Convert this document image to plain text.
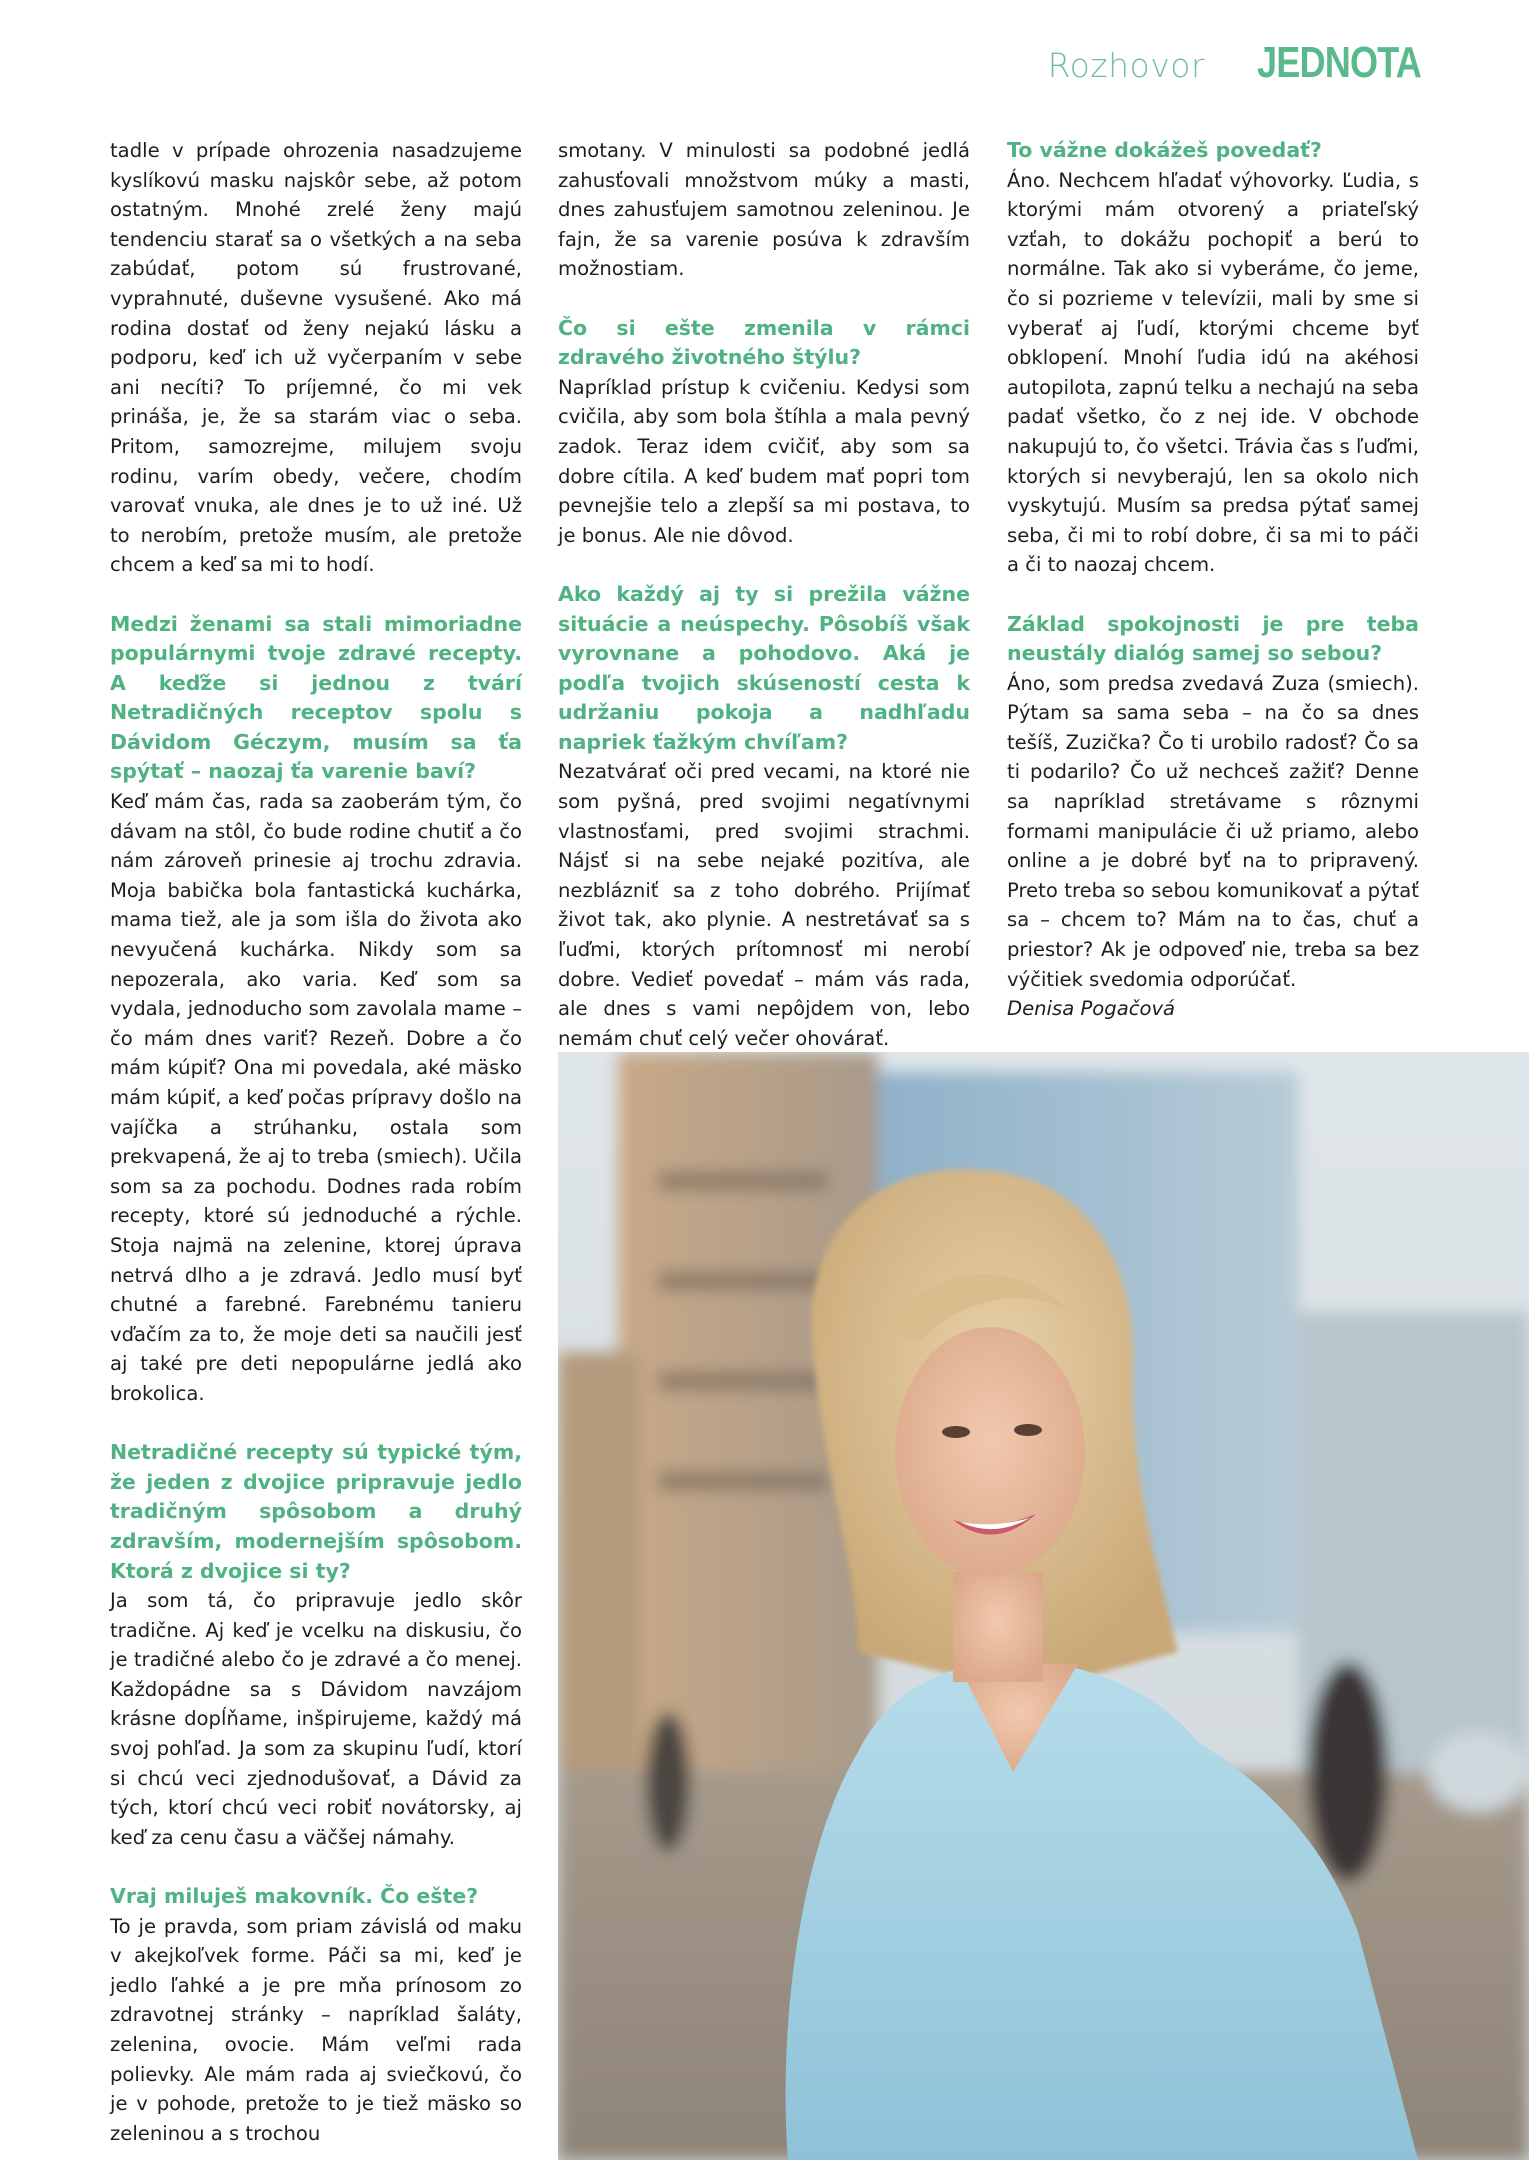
Rozhovor JEDNOTA

tadle v prípade ohrozenia nasadzujeme kyslíkovú masku najskôr sebe, až potom ostatným. Mnohé zrelé ženy majú tendenciu starať sa o všetkých a na seba zabúdať, potom sú frustrované, vyprahnuté, duševne vysušené. Ako má rodina dostať od ženy nejakú lásku a podporu, keď ich už vyčerpaním v sebe ani necíti? To príjemné, čo mi vek prináša, je, že sa starám viac o seba. Pritom, samozrejme, milujem svoju rodinu, varím obedy, večere, chodím varovať vnuka, ale dnes je to už iné. Už to nerobím, pretože musím, ale pretože chcem a keď sa mi to hodí.

Medzi ženami sa stali mimoriadne populárnymi tvoje zdravé recepty. A keďže si jednou z tvárí Netradičných receptov spolu s Dávidom Géczym, musím sa ťa spýtať – naozaj ťa varenie baví?

Keď mám čas, rada sa zaoberám tým, čo dávam na stôl, čo bude rodine chutiť a čo nám zároveň prinesie aj trochu zdravia. Moja babička bola fantastická kuchárka, mama tiež, ale ja som išla do života ako nevyučená kuchárka. Nikdy som sa nepozerala, ako varia. Keď som sa vydala, jednoducho som zavolala mame – čo mám dnes variť? Rezeň. Dobre a čo mám kúpiť? Ona mi povedala, aké mäsko mám kúpiť, a keď počas prípravy došlo na vajíčka a strúhanku, ostala som prekvapená, že aj to treba (smiech). Učila som sa za pochodu. Dodnes rada robím recepty, ktoré sú jednoduché a rýchle. Stoja najmä na zelenine, ktorej úprava netrvá dlho a je zdravá. Jedlo musí byť chutné a farebné. Farebnému tanieru vďačím za to, že moje deti sa naučili jesť aj také pre deti nepopulárne jedlá ako brokolica.

Netradičné recepty sú typické tým, že jeden z dvojice pripravuje jedlo tradičným spôsobom a druhý zdravším, modernejším spôsobom. Ktorá z dvojice si ty?

Ja som tá, čo pripravuje jedlo skôr tradične. Aj keď je vcelku na diskusiu, čo je tradičné alebo čo je zdravé a čo menej. Každopádne sa s Dávidom navzájom krásne dopĺňame, inšpirujeme, každý má svoj pohľad. Ja som za skupinu ľudí, ktorí si chcú veci zjednodušovať, a Dávid za tých, ktorí chcú veci robiť novátorsky, aj keď za cenu času a väčšej námahy.

Vraj miluješ makovník. Čo ešte?

To je pravda, som priam závislá od maku v akejkoľvek forme. Páči sa mi, keď je jedlo ľahké a je pre mňa prínosom zo zdravotnej stránky – napríklad šaláty, zelenina, ovocie. Mám veľmi rada polievky. Ale mám rada aj sviečkovú, čo je v pohode, pretože to je tiež mäsko so zeleninou a s trochou

smotany. V minulosti sa podobné jedlá zahusťovali množstvom múky a masti, dnes zahusťujem samotnou zeleninou. Je fajn, že sa varenie posúva k zdravším možnostiam.

Čo si ešte zmenila v rámci zdravého životného štýlu?

Napríklad prístup k cvičeniu. Kedysi som cvičila, aby som bola štíhla a mala pevný zadok. Teraz idem cvičiť, aby som sa dobre cítila. A keď budem mať popri tom pevnejšie telo a zlepší sa mi postava, to je bonus. Ale nie dôvod.

Ako každý aj ty si prežila vážne situácie a neúspechy. Pôsobíš však vyrovnane a pohodovo. Aká je podľa tvojich skúseností cesta k udržaniu pokoja a nadhľadu napriek ťažkým chvíľam?

Nezatvárať oči pred vecami, na ktoré nie som pyšná, pred svojimi negatívnymi vlastnosťami, pred svojimi strachmi. Nájsť si na sebe nejaké pozitíva, ale nezblázniť sa z toho dobrého. Prijímať život tak, ako plynie. A nestretávať sa s ľuďmi, ktorých prítomnosť mi nerobí dobre. Vedieť povedať – mám vás rada, ale dnes s vami nepôjdem von, lebo nemám chuť celý večer ohovárať.

To vážne dokážeš povedať?

Áno. Nechcem hľadať výhovorky. Ľudia, s ktorými mám otvorený a priateľský vzťah, to dokážu pochopiť a berú to normálne. Tak ako si vyberáme, čo jeme, čo si pozrieme v televízii, mali by sme si vyberať aj ľudí, ktorými chceme byť obklopení. Mnohí ľudia idú na akéhosi autopilota, zapnú telku a nechajú na seba padať všetko, čo z nej ide. V obchode nakupujú to, čo všetci. Trávia čas s ľuďmi, ktorých si nevyberajú, len sa okolo nich vyskytujú. Musím sa predsa pýtať samej seba, či mi to robí dobre, či sa mi to páči a či to naozaj chcem.

Základ spokojnosti je pre teba neustály dialóg samej so sebou?

Áno, som predsa zvedavá Zuza (smiech). Pýtam sa sama seba – na čo sa dnes tešíš, Zuzička? Čo ti urobilo radosť? Čo sa ti podarilo? Čo už nechceš zažiť? Denne sa napríklad stretávame s rôznymi formami manipulácie či už priamo, alebo online a je dobré byť na to pripravený. Preto treba so sebou komunikovať a pýtať sa – chcem to? Mám na to čas, chuť a priestor? Ak je odpoveď nie, treba sa bez výčitiek svedomia odporúčať.

Denisa Pogačová
